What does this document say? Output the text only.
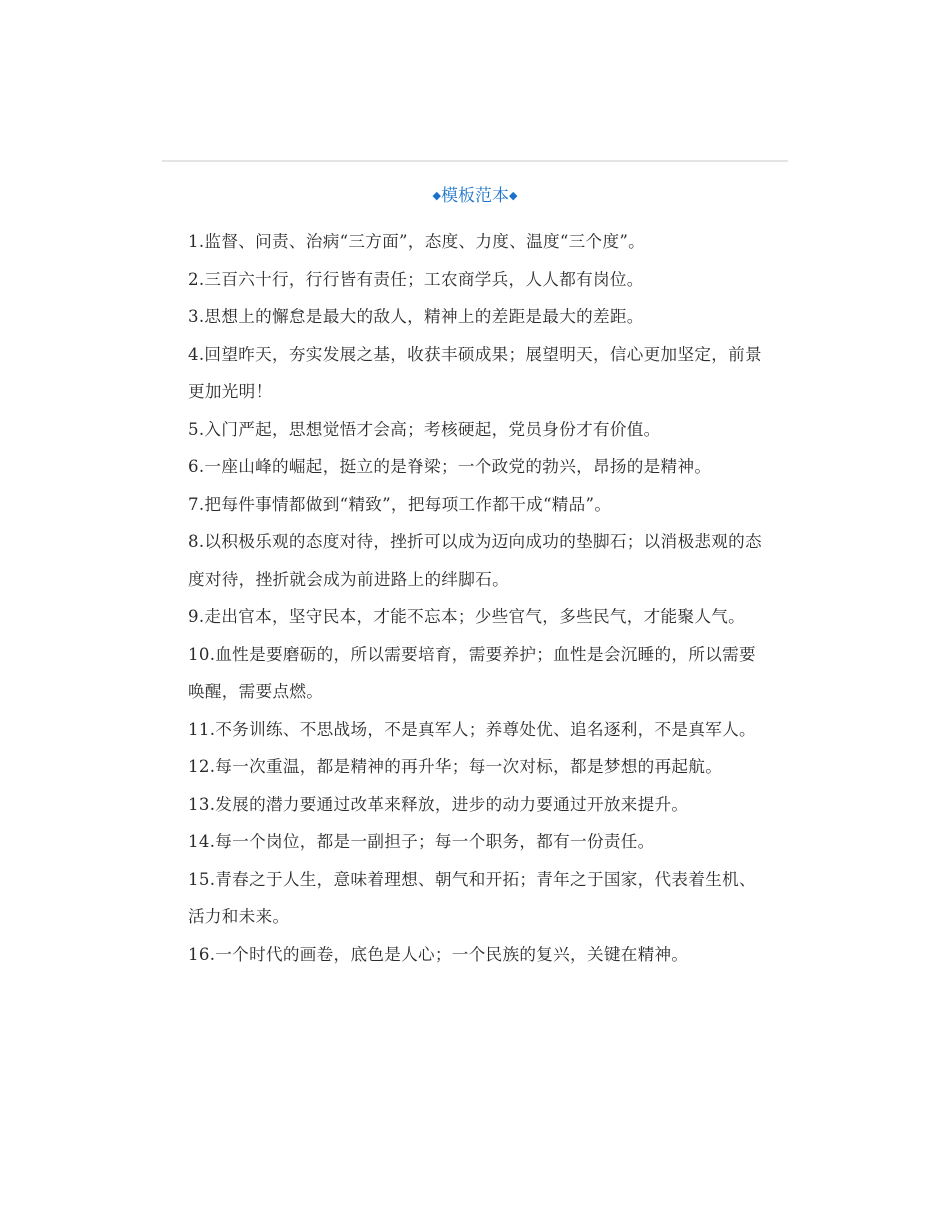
◆模板范本◆

1.监督、问责、治病“三方面”，态度、力度、温度“三个度”。

2.三百六十行，行行皆有责任；工农商学兵，人人都有岗位。

3.思想上的懈怠是最大的敌人，精神上的差距是最大的差距。

4.回望昨天，夯实发展之基，收获丰硕成果；展望明天，信心更加坚定，前景更加光明！

5.入门严起，思想觉悟才会高；考核硬起，党员身份才有价值。

6.一座山峰的崛起，挺立的是脊梁；一个政党的勃兴，昂扬的是精神。

7.把每件事情都做到“精致”，把每项工作都干成“精品”。

8.以积极乐观的态度对待，挫折可以成为迈向成功的垫脚石；以消极悲观的态度对待，挫折就会成为前进路上的绊脚石。

9.走出官本，坚守民本，才能不忘本；少些官气，多些民气，才能聚人气。

10.血性是要磨砺的，所以需要培育，需要养护；血性是会沉睡的，所以需要唤醒，需要点燃。

11.不务训练、不思战场，不是真军人；养尊处优、追名逐利，不是真军人。

12.每一次重温，都是精神的再升华；每一次对标，都是梦想的再起航。

13.发展的潜力要通过改革来释放，进步的动力要通过开放来提升。

14.每一个岗位，都是一副担子；每一个职务，都有一份责任。

15.青春之于人生，意味着理想、朝气和开拓；青年之于国家，代表着生机、活力和未来。

16.一个时代的画卷，底色是人心；一个民族的复兴，关键在精神。
